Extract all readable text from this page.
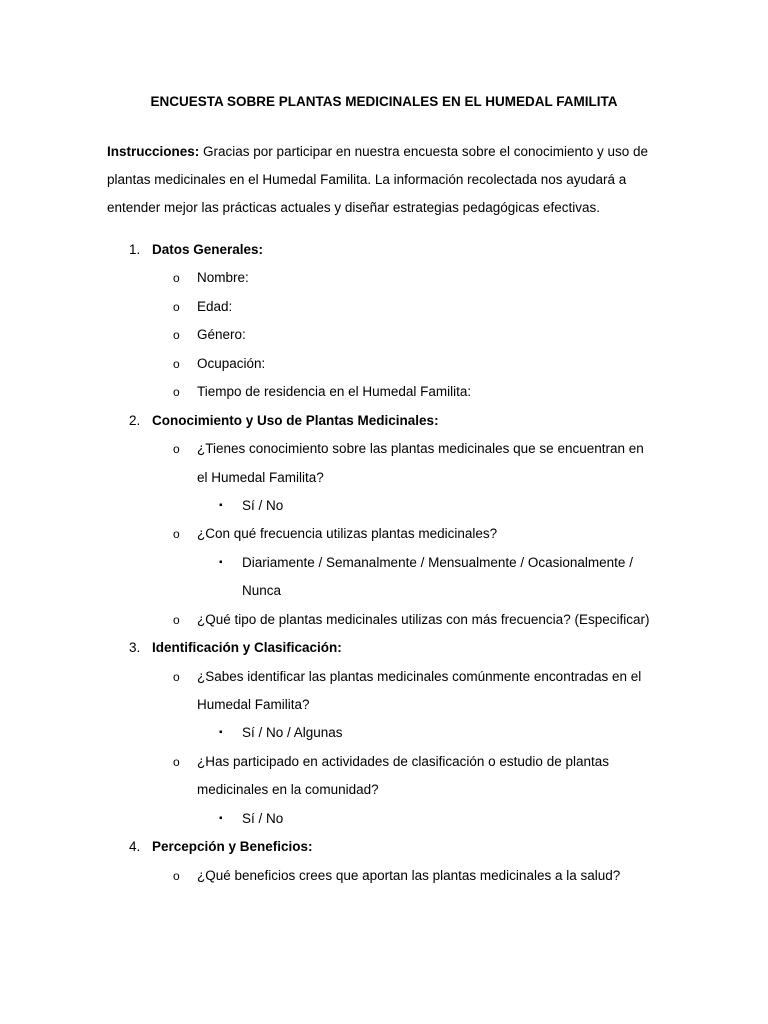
ENCUESTA SOBRE PLANTAS MEDICINALES EN EL HUMEDAL FAMILITA
Instrucciones: Gracias por participar en nuestra encuesta sobre el conocimiento y uso de plantas medicinales en el Humedal Familita. La información recolectada nos ayudará a entender mejor las prácticas actuales y diseñar estrategias pedagógicas efectivas.
1. Datos Generales:
o Nombre:
o Edad:
o Género:
o Ocupación:
o Tiempo de residencia en el Humedal Familita:
2. Conocimiento y Uso de Plantas Medicinales:
o ¿Tienes conocimiento sobre las plantas medicinales que se encuentran en
el Humedal Familita?
▪ Sí / No
o ¿Con qué frecuencia utilizas plantas medicinales?
▪ Diariamente / Semanalmente / Mensualmente / Ocasionalmente /
Nunca
o ¿Qué tipo de plantas medicinales utilizas con más frecuencia? (Especificar)
3. Identificación y Clasificación:
o ¿Sabes identificar las plantas medicinales comúnmente encontradas en el
Humedal Familita?
▪ Sí / No / Algunas
o ¿Has participado en actividades de clasificación o estudio de plantas
medicinales en la comunidad?
▪ Sí / No
4. Percepción y Beneficios:
o ¿Qué beneficios crees que aportan las plantas medicinales a la salud?
